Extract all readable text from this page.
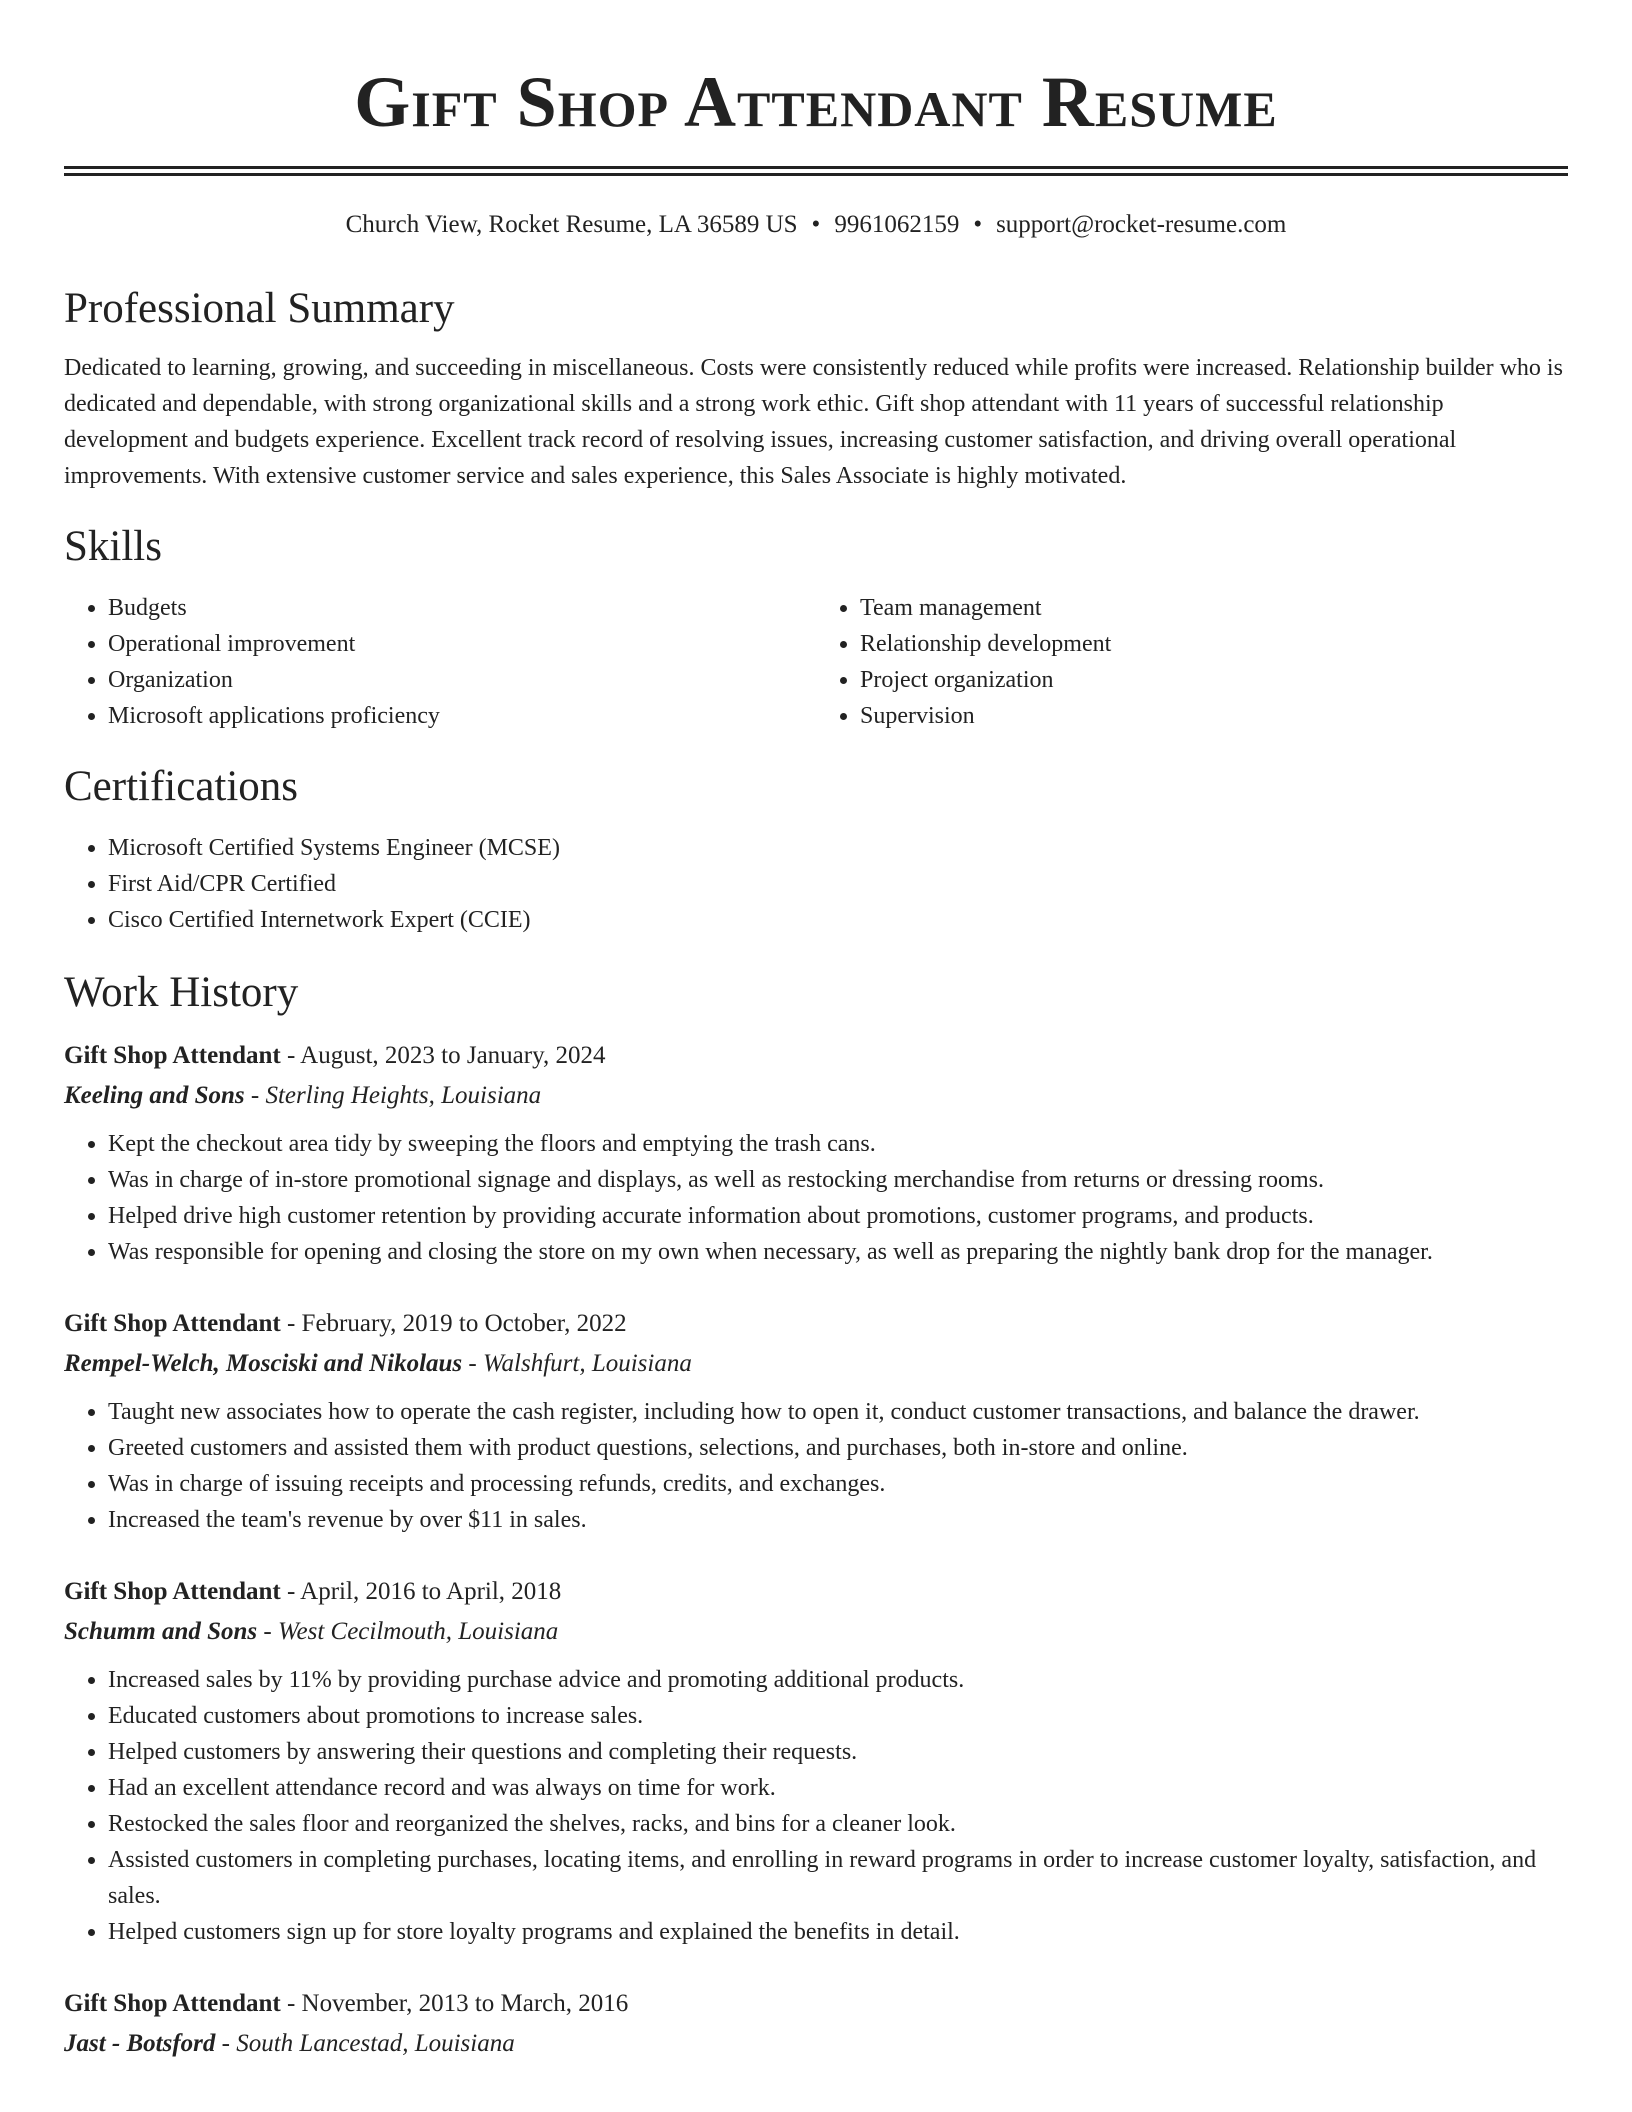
Gift Shop Attendant Resume
Church View, Rocket Resume, LA 36589 US • 9961062159 • support@rocket-resume.com
Professional Summary

Dedicated to learning, growing, and succeeding in miscellaneous. Costs were consistently reduced while profits were increased. Relationship builder who is dedicated and dependable, with strong organizational skills and a strong work ethic. Gift shop attendant with 11 years of successful relationship development and budgets experience. Excellent track record of resolving issues, increasing customer satisfaction, and driving overall operational improvements. With extensive customer service and sales experience, this Sales Associate is highly motivated.

Skills
• Budgets
• Operational improvement
• Organization
• Microsoft applications proficiency
• Team management
• Relationship development
• Project organization
• Supervision
Certifications
• Microsoft Certified Systems Engineer (MCSE)
• First Aid/CPR Certified
• Cisco Certified Internetwork Expert (CCIE)
Work History
Gift Shop Attendant - August, 2023 to January, 2024
Keeling and Sons - Sterling Heights, Louisiana
• Kept the checkout area tidy by sweeping the floors and emptying the trash cans.
• Was in charge of in-store promotional signage and displays, as well as restocking merchandise from returns or dressing rooms.
• Helped drive high customer retention by providing accurate information about promotions, customer programs, and products.
• Was responsible for opening and closing the store on my own when necessary, as well as preparing the nightly bank drop for the manager.
Gift Shop Attendant - February, 2019 to October, 2022
Rempel-Welch, Mosciski and Nikolaus - Walshfurt, Louisiana
• Taught new associates how to operate the cash register, including how to open it, conduct customer transactions, and balance the drawer.
• Greeted customers and assisted them with product questions, selections, and purchases, both in-store and online.
• Was in charge of issuing receipts and processing refunds, credits, and exchanges.
• Increased the team's revenue by over $11 in sales.
Gift Shop Attendant - April, 2016 to April, 2018
Schumm and Sons - West Cecilmouth, Louisiana
• Increased sales by 11% by providing purchase advice and promoting additional products.
• Educated customers about promotions to increase sales.
• Helped customers by answering their questions and completing their requests.
• Had an excellent attendance record and was always on time for work.
• Restocked the sales floor and reorganized the shelves, racks, and bins for a cleaner look.
• Assisted customers in completing purchases, locating items, and enrolling in reward programs in order to increase customer loyalty, satisfaction, and sales.
• Helped customers sign up for store loyalty programs and explained the benefits in detail.
Gift Shop Attendant - November, 2013 to March, 2016
Jast - Botsford - South Lancestad, Louisiana
